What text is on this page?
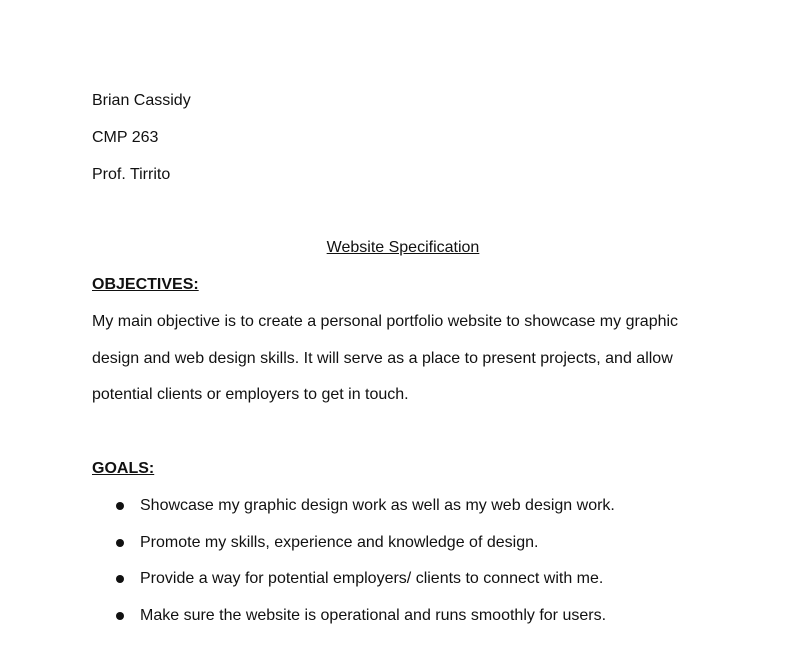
Brian Cassidy
CMP 263
Prof. Tirrito
Website Specification
OBJECTIVES:
My main objective is to create a personal portfolio website to showcase my graphic
design and web design skills. It will serve as a place to present projects, and allow
potential clients or employers to get in touch.
GOALS:
Showcase my graphic design work as well as my web design work.
Promote my skills, experience and knowledge of design.
Provide a way for potential employers/ clients to connect with me.
Make sure the website is operational and runs smoothly for users.
